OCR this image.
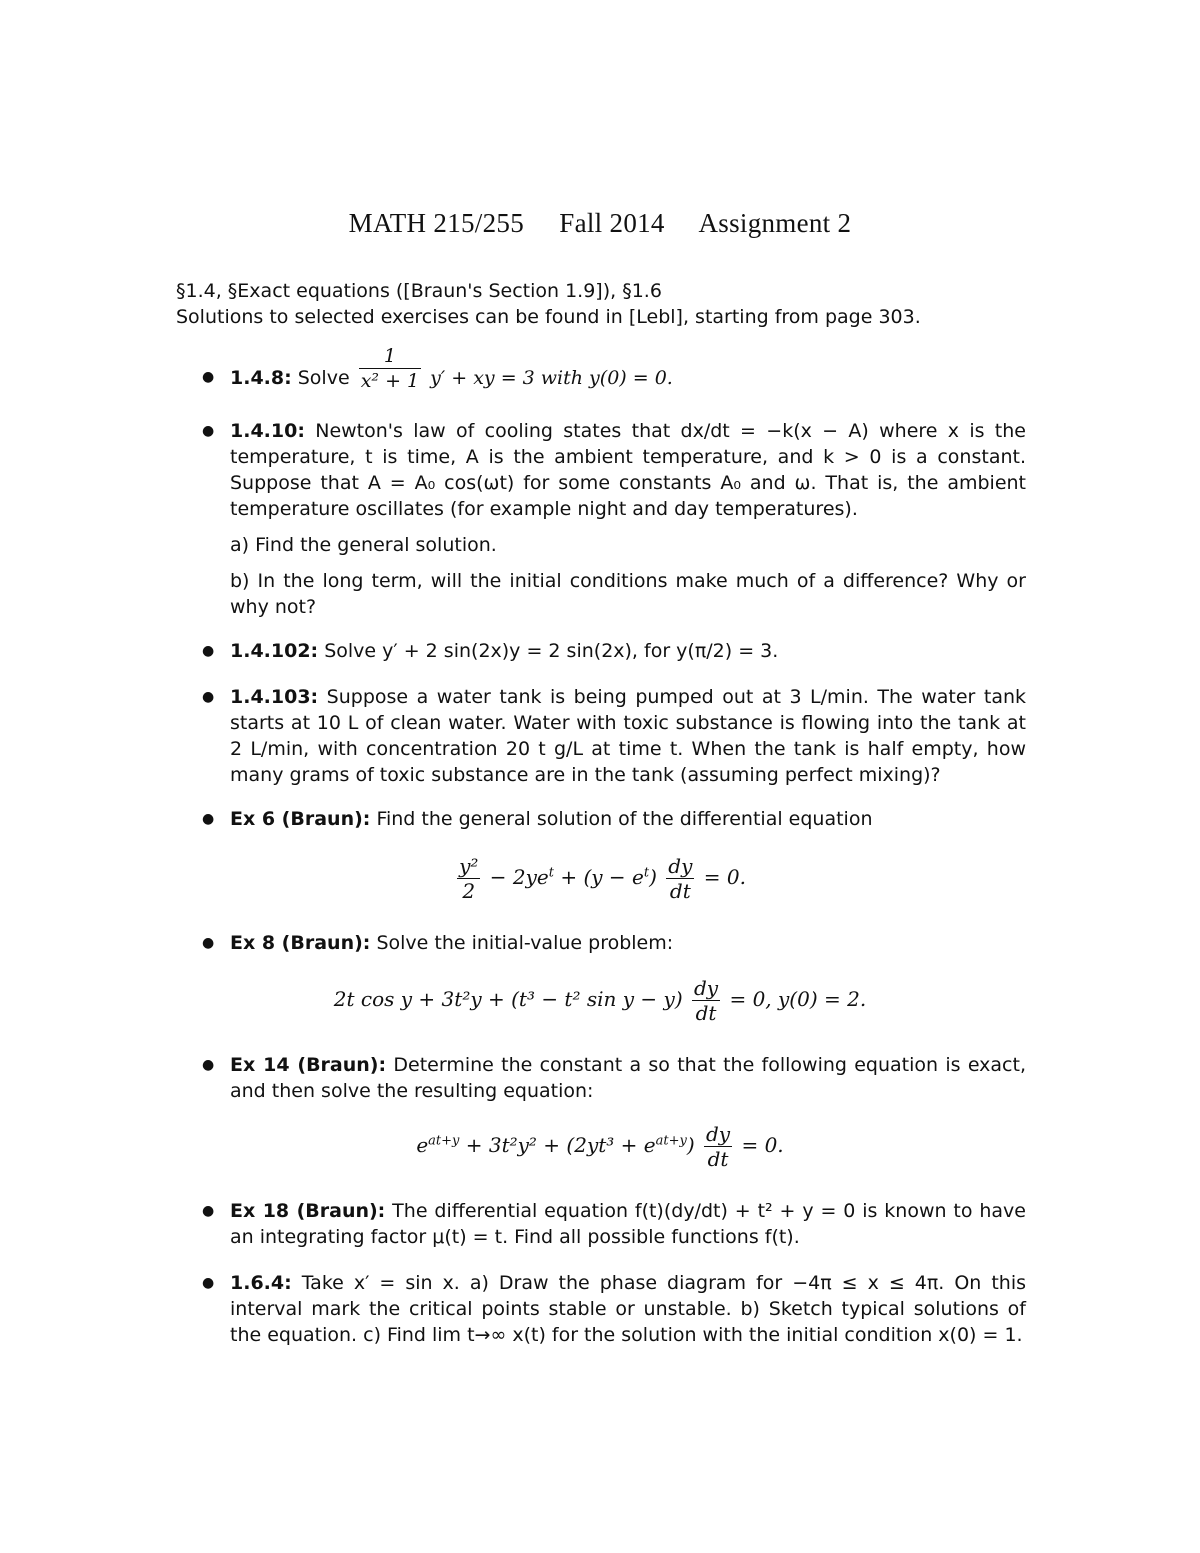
MATH 215/255     Fall 2014     Assignment 2
§1.4, §Exact equations ([Braun's Section 1.9]), §1.6
Solutions to selected exercises can be found in [Lebl], starting from page 303.
● 1.4.8: Solve $\frac{1}{\text{x² + 1}} y'$ + xy = 3 with y(0) = 0.
● 1.4.10: Newton's law of cooling states that dx/dt = −k(x − A) where x is the temperature, t is time, A is the ambient temperature, and k > 0 is a constant. Suppose that A = A₀ cos(ωt) for some constants A₀ and ω. That is, the ambient temperature oscillates (for example night and day temperatures).
a) Find the general solution.
b) In the long term, will the initial conditions make much of a difference? Why or why not?
● 1.4.102: Solve y′ + 2 sin(2x)y = 2 sin(2x), for y(π/2) = 3.
● 1.4.103: Suppose a water tank is being pumped out at 3 L/min. The water tank starts at 10 L of clean water. Water with toxic substance is flowing into the tank at 2 L/min, with concentration 20 t g/L at time t. When the tank is half empty, how many grams of toxic substance are in the tank (assuming perfect mixing)?
● Ex 6 (Braun): Find the general solution of the differential equation
$\frac{\text{y²}}{2} - 2ye^t + (y - e^t) \frac{dy}{dt} = 0$.
● Ex 8 (Braun): Solve the initial-value problem:
2t cos y + 3t²y + (t³ − t² $\sin y - y) \frac{dy}{dt} = 0$, y(0) = 2.
● Ex 14 (Braun): Determine the constant a so that the following equation is exact, and then solve the resulting equation:
$e^{at+y} + 3t^2y^2 + (2yt^3 + e^{at+y}) \frac{dy}{dt} = 0$.
● Ex 18 (Braun): The differential equation f(t)(dy/dt) + t² + y = 0 is known to have an integrating factor μ(t) = t. Find all possible functions f(t).
● 1.6.4: Take x′ = sin x. a) Draw the phase diagram for −4π ≤ x ≤ 4π. On this interval mark the critical points stable or unstable. b) Sketch typical solutions of the equation. c) Find lim t→∞ x(t) for the solution with the initial condition x(0) = 1.
